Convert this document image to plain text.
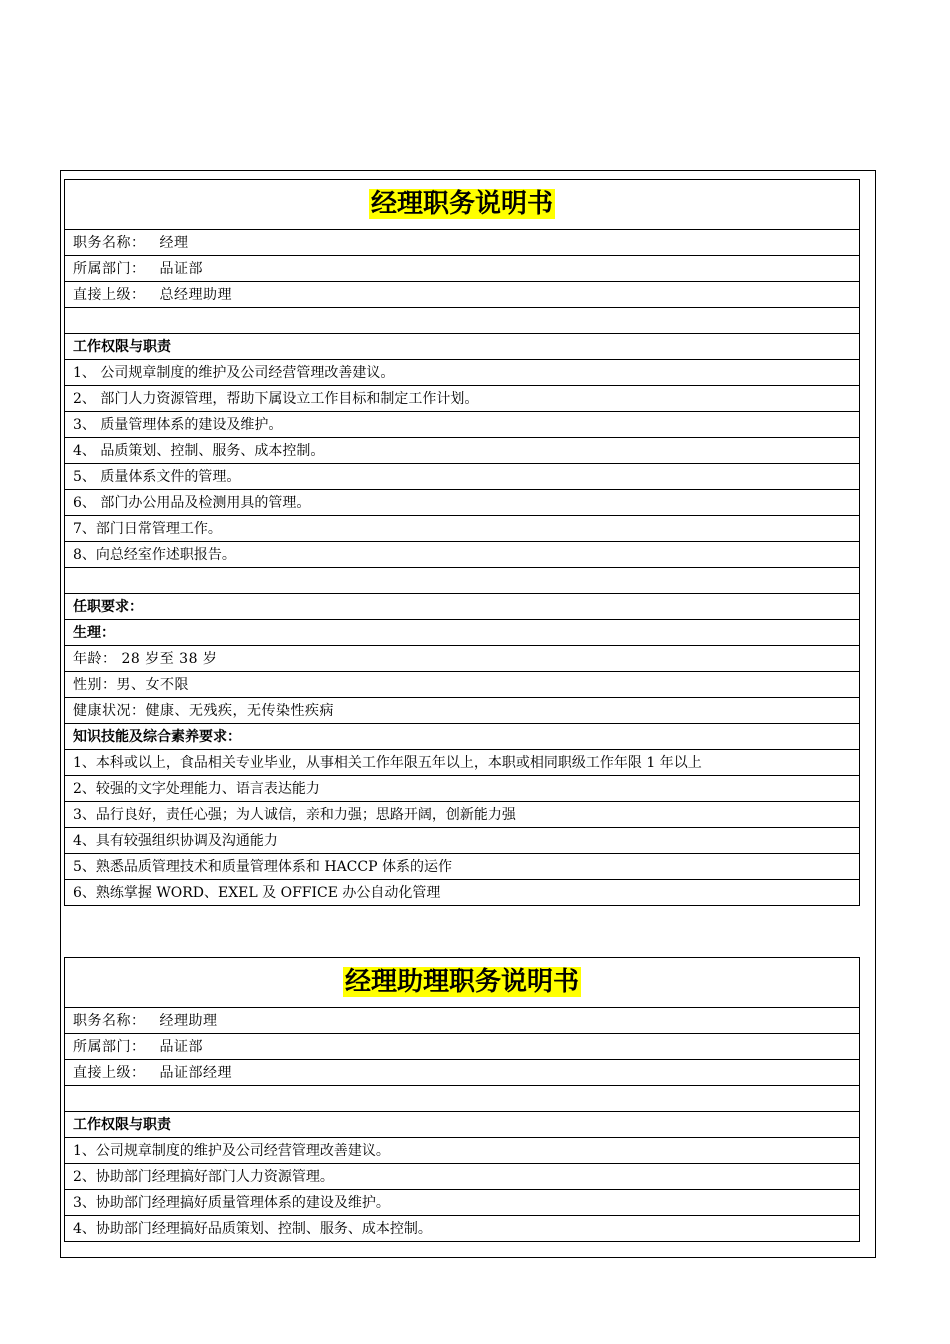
经理职务说明书
职务名称： 经理
所属部门： 品证部
直接上级： 总经理助理

工作权限与职责
1、 公司规章制度的维护及公司经营管理改善建议。
2、 部门人力资源管理，帮助下属设立工作目标和制定工作计划。
3、 质量管理体系的建设及维护。
4、 品质策划、控制、服务、成本控制。
5、 质量体系文件的管理。
6、 部门办公用品及检测用具的管理。
7、部门日常管理工作。
8、向总经室作述职报告。

任职要求：
生理：
年龄： 28 岁至 38 岁
性别：男、女不限
健康状况：健康、无残疾，无传染性疾病
知识技能及综合素养要求：
1、本科或以上，食品相关专业毕业，从事相关工作年限五年以上，本职或相同职级工作年限 1 年以上
2、较强的文字处理能力、语言表达能力
3、品行良好，责任心强；为人诚信，亲和力强；思路开阔，创新能力强
4、具有较强组织协调及沟通能力
5、熟悉品质管理技术和质量管理体系和 HACCP 体系的运作
6、熟练掌握 WORD、EXEL 及 OFFICE 办公自动化管理
经理助理职务说明书
职务名称： 经理助理
所属部门： 品证部
直接上级： 品证部经理

工作权限与职责
1、公司规章制度的维护及公司经营管理改善建议。
2、协助部门经理搞好部门人力资源管理。
3、协助部门经理搞好质量管理体系的建设及维护。
4、协助部门经理搞好品质策划、控制、服务、成本控制。
